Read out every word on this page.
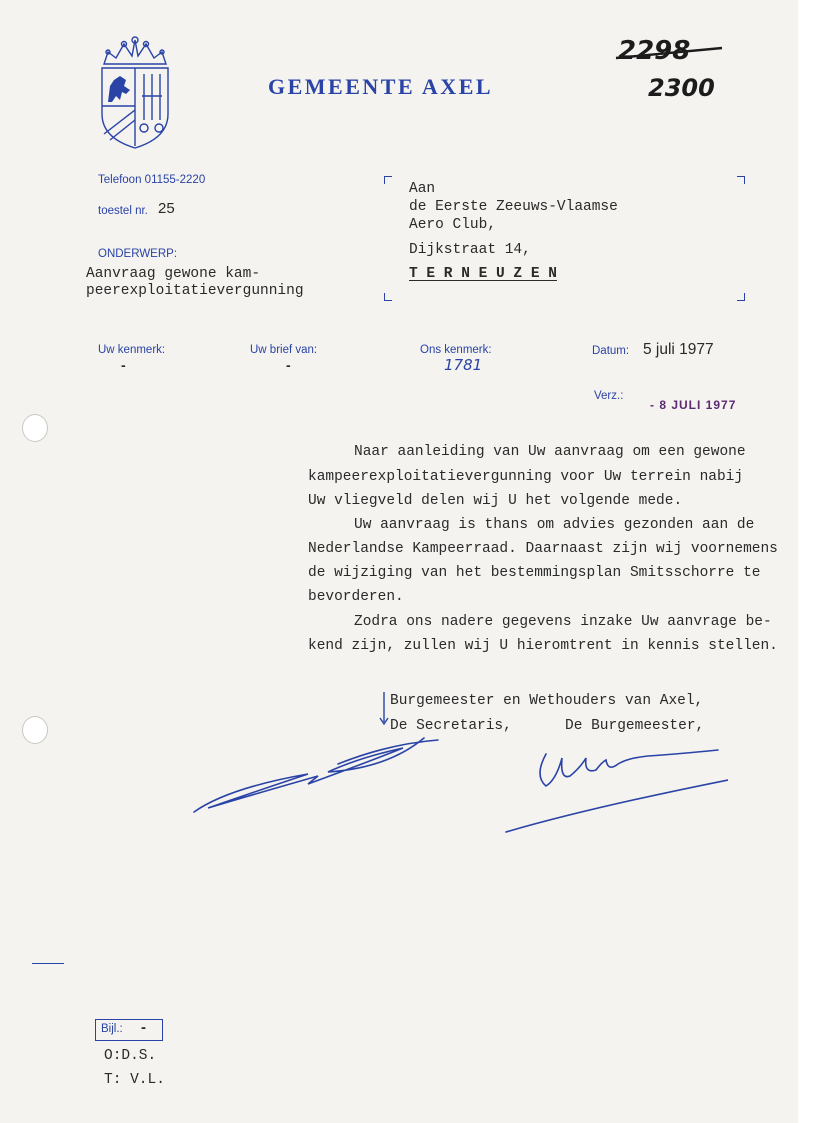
GEMEENTE AXEL
2298
2300
Telefoon 01155-2220
toestel nr. 25
ONDERWERP:
Aanvraag gewone kam-
peerexploitatievergunning
Aan
de Eerste Zeeuws-Vlaamse
Aero Club,
Dijkstraat 14,
T E R N E U Z E N
Uw kenmerk:
-
Uw brief van:
-
Ons kenmerk:
1781
Datum: 5 juli 1977
Verz.:
- 8 JULI 1977
Naar aanleiding van Uw aanvraag om een gewone
kampeerexploitatievergunning voor Uw terrein nabij
Uw vliegveld delen wij U het volgende mede.
Uw aanvraag is thans om advies gezonden aan de
Nederlandse Kampeerraad. Daarnaast zijn wij voornemens
de wijziging van het bestemmingsplan Smitsschorre te
bevorderen.
Zodra ons nadere gegevens inzake Uw aanvrage be-
kend zijn, zullen wij U hieromtrent in kennis stellen.
Burgemeester en Wethouders van Axel,
De Secretaris,	De Burgemeester,
Bijl.: -
O:D.S.
T: V.L.
